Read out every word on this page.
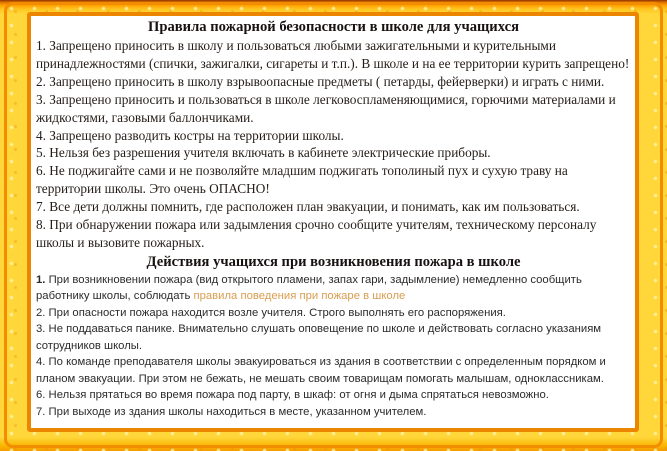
Правила пожарной безопасности в школе для учащихся

1. Запрещено приносить в школу и пользоваться любыми зажигательными и курительными принадлежностями (спички, зажигалки, сигареты и т.п.). В школе и на ее территории курить запрещено!

2. Запрещено приносить в школу взрывоопасные предметы ( петарды, фейерверки) и играть с ними.

3. Запрещено приносить и пользоваться в школе легковоспламеняющимися, горючими материалами и жидкостями, газовыми баллончиками.

4. Запрещено разводить костры на территории школы.

5. Нельзя без разрешения учителя включать в кабинете электрические приборы.

6. Не поджигайте сами и не позволяйте младшим поджигать тополиный пух и сухую траву на территории школы. Это очень ОПАСНО!

7. Все дети должны помнить, где расположен план эвакуации, и понимать, как им пользоваться.

8. При обнаружении пожара или задымления срочно сообщите учителям, техническому персоналу школы и вызовите пожарных.

Действия учащихся при возникновения пожара в школе

1. При возникновении пожара (вид открытого пламени, запах гари, задымление) немедленно сообщить работнику школы, соблюдать правила поведения при пожаре в школе

2. При опасности пожара находится возле учителя. Строго выполнять его распоряжения.

3. Не поддаваться панике. Внимательно слушать оповещение по школе и действовать согласно указаниям сотрудников школы.

4. По команде преподавателя школы эвакуироваться из здания в соответствии с определенным порядком и планом эвакуации. При этом не бежать, не мешать своим товарищам помогать малышам, одноклассникам.

6. Нельзя прятаться во время пожара под парту, в шкаф: от огня и дыма спрятаться невозможно.

7. При выходе из здания школы находиться в месте, указанном учителем.
